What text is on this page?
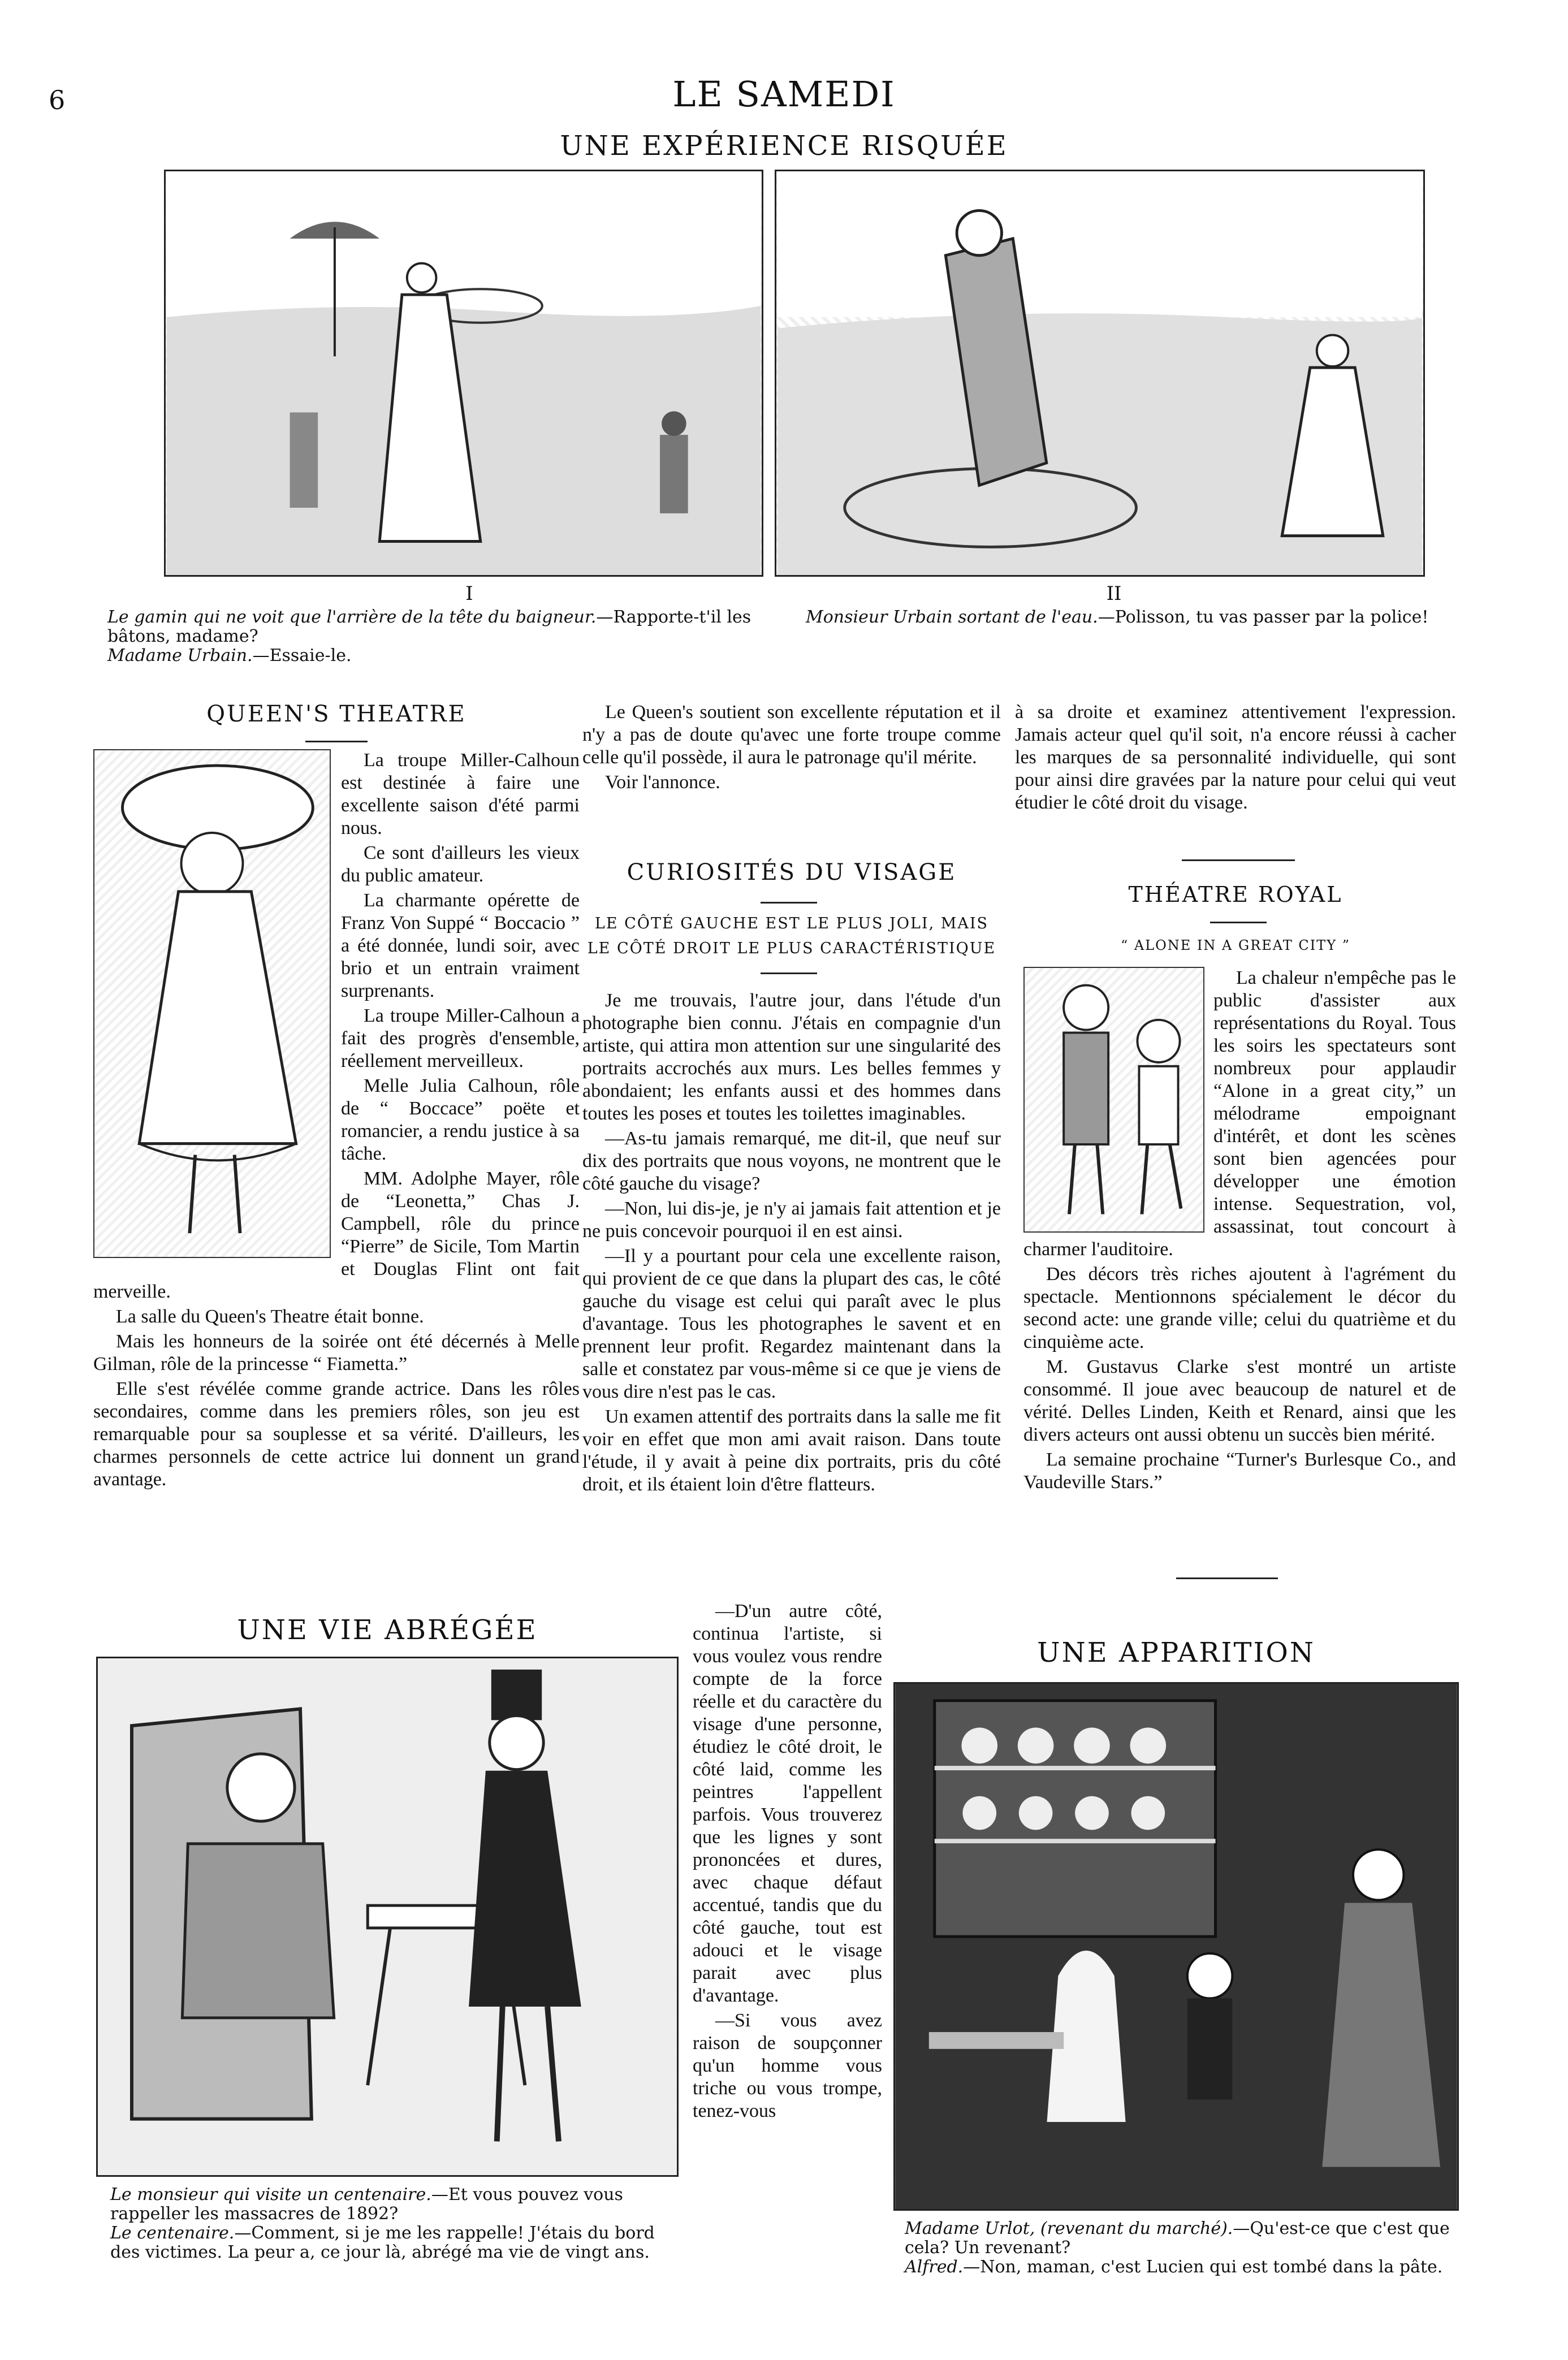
6	LE SAMEDI
UNE EXPÉRIENCE RISQUÉE
I	II
Le gamin qui ne voit que l'arrière de la tête du baigneur.—Rapporte-t'il les bâtons, madame?
Madame Urbain.—Essaie-le.
Monsieur Urbain sortant de l'eau.—Polisson, tu vas passer par la police!
QUEEN'S THEATRE

La troupe Miller-Calhoun est destinée à faire une excellente saison d'été parmi nous.

Ce sont d'ailleurs les vieux du public amateur.

La charmante opérette de Franz Von Suppé “ Boccacio ” a été donnée, lundi soir, avec brio et un entrain vraiment surprenants.

La troupe Miller-Calhoun a fait des progrès d'ensemble, réellement merveilleux.

Melle Julia Calhoun, rôle de “ Boccace” poëte et romancier, a rendu justice à sa tâche.

MM. Adolphe Mayer, rôle de “Leonetta,” Chas J. Campbell, rôle du prince “Pierre” de Sicile, Tom Martin et Douglas Flint ont fait merveille.

La salle du Queen's Theatre était bonne.

Mais les honneurs de la soirée ont été décernés à Melle Gilman, rôle de la princesse “ Fiametta.”

Elle s'est révélée comme grande actrice. Dans les rôles secondaires, comme dans les premiers rôles, son jeu est remarquable pour sa souplesse et sa vérité. D'ailleurs, les charmes personnels de cette actrice lui donnent un grand avantage.

Le Queen's soutient son excellente réputation et il n'y a pas de doute qu'avec une forte troupe comme celle qu'il possède, il aura le patronage qu'il mérite.

Voir l'annonce.

CURIOSITÉS DU VISAGE
LE CÔTÉ GAUCHE EST LE PLUS JOLI, MAIS LE CÔTÉ DROIT LE PLUS CARACTÉRISTIQUE

Je me trouvais, l'autre jour, dans l'étude d'un photographe bien connu. J'étais en compagnie d'un artiste, qui attira mon attention sur une singularité des portraits accrochés aux murs. Les belles femmes y abondaient; les enfants aussi et des hommes dans toutes les poses et toutes les toilettes imaginables.

—As-tu jamais remarqué, me dit-il, que neuf sur dix des portraits que nous voyons, ne montrent que le côté gauche du visage?

—Non, lui dis-je, je n'y ai jamais fait attention et je ne puis concevoir pourquoi il en est ainsi.

—Il y a pourtant pour cela une excellente raison, qui provient de ce que dans la plupart des cas, le côté gauche du visage est celui qui paraît avec le plus d'avantage. Tous les photographes le savent et en prennent leur profit. Regardez maintenant dans la salle et constatez par vous-même si ce que je viens de vous dire n'est pas le cas.

Un examen attentif des portraits dans la salle me fit voir en effet que mon ami avait raison. Dans toute l'étude, il y avait à peine dix portraits, pris du côté droit, et ils étaient loin d'être flatteurs.

à sa droite et examinez attentivement l'expression. Jamais acteur quel qu'il soit, n'a encore réussi à cacher les marques de sa personnalité individuelle, qui sont pour ainsi dire gravées par la nature pour celui qui veut étudier le côté droit du visage.

THÉATRE ROYAL
“ ALONE IN A GREAT CITY ”

La chaleur n'empêche pas le public d'assister aux représentations du Royal. Tous les soirs les spectateurs sont nombreux pour applaudir “Alone in a great city,” un mélodrame empoignant d'intérêt, et dont les scènes sont bien agencées pour développer une émotion intense. Sequestration, vol, assassinat, tout concourt à charmer l'auditoire.

Des décors très riches ajoutent à l'agrément du spectacle. Mentionnons spécialement le décor du second acte: une grande ville; celui du quatrième et du cinquième acte.

M. Gustavus Clarke s'est montré un artiste consommé. Il joue avec beaucoup de naturel et de vérité. Delles Linden, Keith et Renard, ainsi que les divers acteurs ont aussi obtenu un succès bien mérité.

La semaine prochaine “Turner's Burlesque Co., and Vaudeville Stars.”

UNE VIE ABRÉGÉE
Le monsieur qui visite un centenaire.—Et vous pouvez vous rappeller les massacres de 1892?
Le centenaire.—Comment, si je me les rappelle! J'étais du bord des victimes. La peur a, ce jour là, abrégé ma vie de vingt ans.

—D'un autre côté, continua l'artiste, si vous voulez vous rendre compte de la force réelle et du caractère du visage d'une personne, étudiez le côté droit, le côté laid, comme les peintres l'appellent parfois. Vous trouverez que les lignes y sont prononcées et dures, avec chaque défaut accentué, tandis que du côté gauche, tout est adouci et le visage parait avec plus d'avantage.

—Si vous avez raison de soupçonner qu'un homme vous triche ou vous trompe, tenez-vous

UNE APPARITION
Madame Urlot, (revenant du marché).—Qu'est-ce que c'est que cela? Un revenant?
Alfred.—Non, maman, c'est Lucien qui est tombé dans la pâte.
